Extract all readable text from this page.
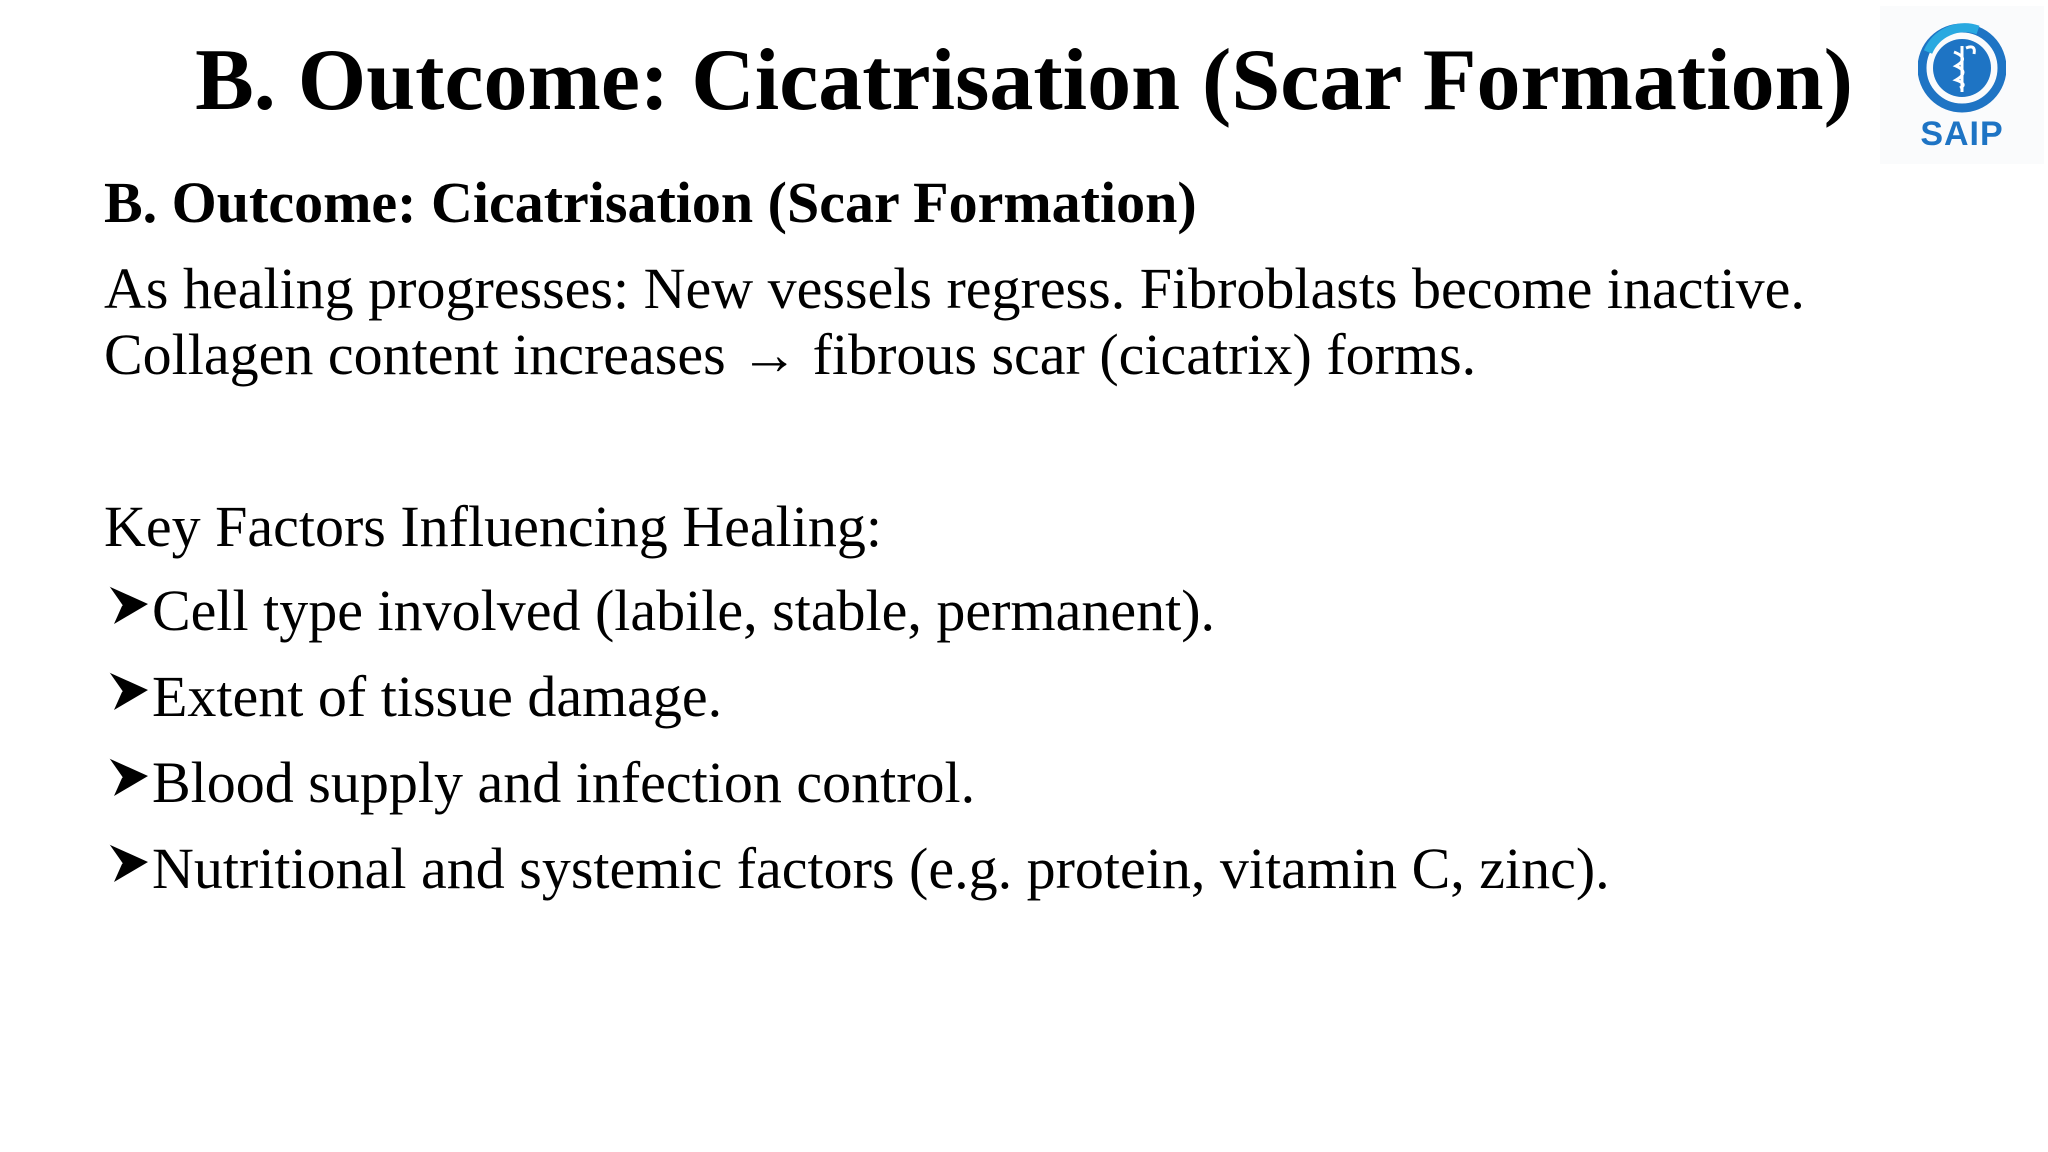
B. Outcome: Cicatrisation (Scar Formation)
SAIP
B. Outcome: Cicatrisation (Scar Formation)
As healing progresses: New vessels regress. Fibroblasts become inactive.
Collagen content increases → fibrous scar (cicatrix) forms.
Key Factors Influencing Healing:
Cell type involved (labile, stable, permanent).
Extent of tissue damage.
Blood supply and infection control.
Nutritional and systemic factors (e.g. protein, vitamin C, zinc).
